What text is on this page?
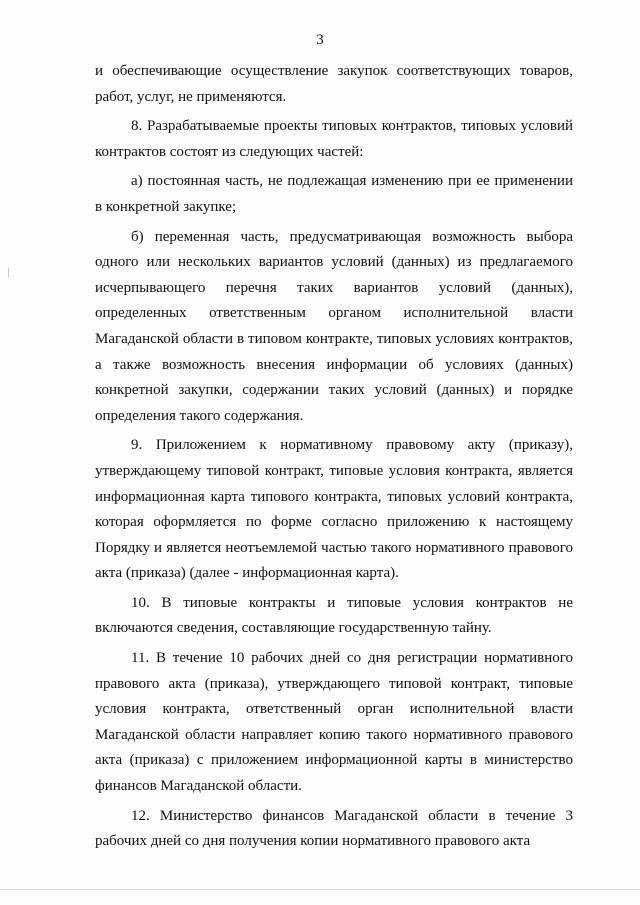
3

и обеспечивающие осуществление закупок соответствующих товаров, работ, услуг, не применяются.

8. Разрабатываемые проекты типовых контрактов, типовых условий контрактов состоят из следующих частей:

а) постоянная часть, не подлежащая изменению при ее применении в конкретной закупке;

б) переменная часть, предусматривающая возможность выбора одного или нескольких вариантов условий (данных) из предлагаемого исчерпывающего перечня таких вариантов условий (данных), определенных ответственным органом исполнительной власти Магаданской области в типовом контракте, типовых условиях контрактов, а также возможность внесения информации об условиях (данных) конкретной закупки, содержании таких условий (данных) и порядке определения такого содержания.

9. Приложением к нормативному правовому акту (приказу), утверждающему типовой контракт, типовые условия контракта, является информационная карта типового контракта, типовых условий контракта, которая оформляется по форме согласно приложению к настоящему Порядку и является неотъемлемой частью такого нормативного правового акта (приказа) (далее - информационная карта).

10. В типовые контракты и типовые условия контрактов не включаются сведения, составляющие государственную тайну.

11. В течение 10 рабочих дней со дня регистрации нормативного правового акта (приказа), утверждающего типовой контракт, типовые условия контракта, ответственный орган исполнительной власти Магаданской области направляет копию такого нормативного правового акта (приказа) с приложением информационной карты в министерство финансов Магаданской области.

12. Министерство финансов Магаданской области в течение 3 рабочих дней со дня получения копии нормативного правового акта
